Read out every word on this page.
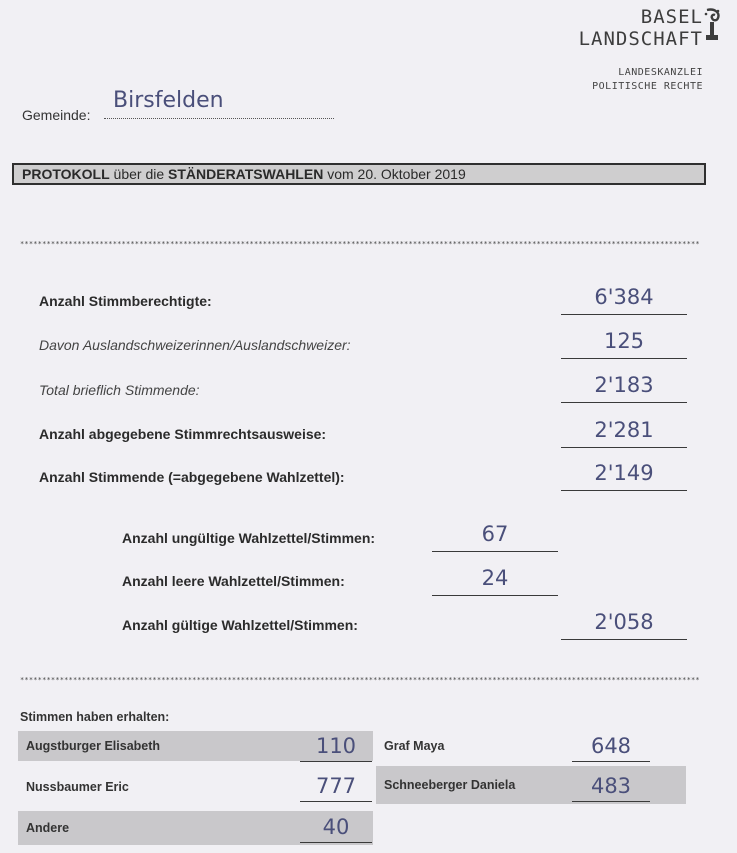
BASEL
LANDSCHAFT
LANDESKANZLEI
POLITISCHE RECHTE
Gemeinde:
Birsfelden
PROTOKOLL über die STÄNDERATSWAHLEN vom 20. Oktober 2019
**********************************************************************************************************************************************************
Anzahl Stimmberechtigte:	6'384
Davon Auslandschweizerinnen/Auslandschweizer:	125
Total brieflich Stimmende:	2'183
Anzahl abgegebene Stimmrechtsausweise:	2'281
Anzahl Stimmende (=abgegebene Wahlzettel):	2'149
Anzahl ungültige Wahlzettel/Stimmen:	67
Anzahl leere Wahlzettel/Stimmen:	24
Anzahl gültige Wahlzettel/Stimmen:	2'058
**********************************************************************************************************************************************************
Stimmen haben erhalten:
Augstburger Elisabeth	110	Graf Maya	648
Nussbaumer Eric	777	Schneeberger Daniela	483
Andere	40
